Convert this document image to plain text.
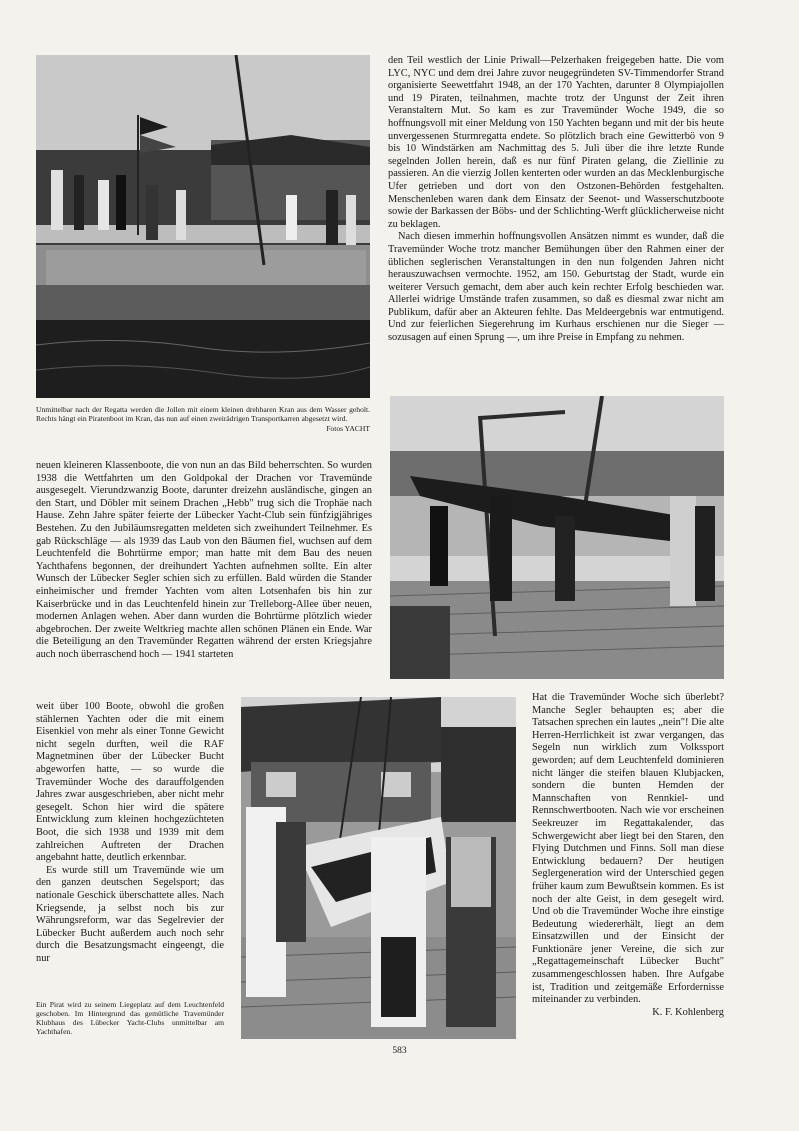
Unmittelbar nach der Regatta werden die Jollen mit einem kleinen drehbaren Kran aus dem Wasser geholt. Rechts hängt ein Piratenboot im Kran, das nun auf einen zweirädrigen Transportkarren abgesetzt wird.
Fotos YACHT

den Teil westlich der Linie Priwall—Pelzerhaken freigegeben hatte. Die vom LYC, NYC und dem drei Jahre zuvor neugegründeten SV-Timmendorfer Strand organisierte Seewettfahrt 1948, an der 170 Yachten, darunter 8 Olympiajollen und 19 Piraten, teilnahmen, machte trotz der Ungunst der Zeit ihren Veranstaltern Mut. So kam es zur Travemünder Woche 1949, die so hoffnungsvoll mit einer Meldung von 150 Yachten begann und mit der bis heute unvergessenen Sturmregatta endete. So plötzlich brach eine Gewitterbö von 9 bis 10 Windstärken am Nachmittag des 5. Juli über die ihre letzte Runde segelnden Jollen herein, daß es nur fünf Piraten gelang, die Ziellinie zu passieren. An die vierzig Jollen kenterten oder wurden an das Mecklenburgische Ufer getrieben und dort von den Ostzonen-Behörden festgehalten. Menschenleben waren dank dem Einsatz der Seenot- und Wasserschutzboote sowie der Barkassen der Böbs- und der Schlichting-Werft glücklicherweise nicht zu beklagen.

Nach diesen immerhin hoffnungsvollen Ansätzen nimmt es wunder, daß die Travemünder Woche trotz mancher Bemühungen über den Rahmen einer der üblichen seglerischen Veranstaltungen in den nun folgenden Jahren nicht herauszuwachsen vermochte. 1952, am 150. Geburtstag der Stadt, wurde ein weiterer Versuch gemacht, dem aber auch kein rechter Erfolg beschieden war. Allerlei widrige Umstände trafen zusammen, so daß es diesmal zwar nicht am Publikum, dafür aber an Akteuren fehlte. Das Meldeergebnis war entmutigend. Und zur feierlichen Siegerehrung im Kurhaus erschienen nur die Sieger — sozusagen auf einen Sprung —, um ihre Preise in Empfang zu nehmen.

neuen kleineren Klassenboote, die von nun an das Bild beherrschten. So wurden 1938 die Wettfahrten um den Goldpokal der Drachen vor Travemünde ausgesegelt. Vierundzwanzig Boote, darunter dreizehn ausländische, gingen an den Start, und Döbler mit seinem Drachen „Hebb" trug sich die Trophäe nach Hause. Zehn Jahre später feierte der Lübecker Yacht-Club sein fünfzigjähriges Bestehen. Zu den Jubiläumsregatten meldeten sich zweihundert Teilnehmer. Es gab Rückschläge — als 1939 das Laub von den Bäumen fiel, wuchsen auf dem Leuchtenfeld die Bohrtürme empor; man hatte mit dem Bau des neuen Yachthafens begonnen, der dreihundert Yachten aufnehmen sollte. Ein alter Wunsch der Lübecker Segler schien sich zu erfüllen. Bald würden die Stander einheimischer und fremder Yachten vom alten Lotsenhafen bis hin zur Kaiserbrücke und in das Leuchtenfeld hinein zur Trelleborg-Allee über neuen, modernen Anlagen wehen. Aber dann wurden die Bohrtürme plötzlich wieder abgebrochen. Der zweite Weltkrieg machte allen schönen Plänen ein Ende. War die Beteiligung an den Travemünder Regatten während der ersten Kriegsjahre auch noch überraschend hoch — 1941 starteten

weit über 100 Boote, obwohl die großen stählernen Yachten oder die mit einem Eisenkiel von mehr als einer Tonne Gewicht nicht segeln durften, weil die RAF Magnetminen über der Lübecker Bucht abgeworfen hatte, — so wurde die Travemünder Woche des darauffolgenden Jahres zwar ausgeschrieben, aber nicht mehr gesegelt. Schon hier wird die spätere Entwicklung zum kleinen hochgezüchteten Boot, die sich 1938 und 1939 mit dem zahlreichen Auftreten der Drachen angebahnt hatte, deutlich erkennbar.

Es wurde still um Travemünde wie um den ganzen deutschen Segelsport; das nationale Geschick überschattete alles. Nach Kriegsende, ja selbst noch bis zur Währungsreform, war das Segelrevier der Lübecker Bucht außerdem auch noch sehr durch die Besatzungsmacht eingeengt, die nur

Ein Pirat wird zu seinem Liegeplatz auf dem Leuchtenfeld geschoben. Im Hintergrund das gemütliche Travemünder Klubhaus des Lübecker Yacht-Clubs unmittelbar am Yachthafen.

Hat die Travemünder Woche sich überlebt? Manche Segler behaupten es; aber die Tatsachen sprechen ein lautes „nein"! Die alte Herren-Herrlichkeit ist zwar vergangen, das Segeln nun wirklich zum Volkssport geworden; auf dem Leuchtenfeld dominieren nicht länger die steifen blauen Klubjacken, sondern die bunten Hemden der Mannschaften von Rennkiel- und Rennschwertbooten. Nach wie vor erscheinen Seekreuzer im Regattakalender, das Schwergewicht aber liegt bei den Staren, den Flying Dutchmen und Finns. Soll man diese Entwicklung bedauern? Der heutigen Seglergeneration wird der Unterschied gegen früher kaum zum Bewußtsein kommen. Es ist noch der alte Geist, in dem gesegelt wird. Und ob die Travemünder Woche ihre einstige Bedeutung wiedererhält, liegt an dem Einsatzwillen und der Einsicht der Funktionäre jener Vereine, die sich zur „Regattagemeinschaft Lübecker Bucht" zusammengeschlossen haben. Ihre Aufgabe ist, Tradition und zeitgemäße Erfordernisse miteinander zu verbinden.

K. F. Kohlenberg
583
